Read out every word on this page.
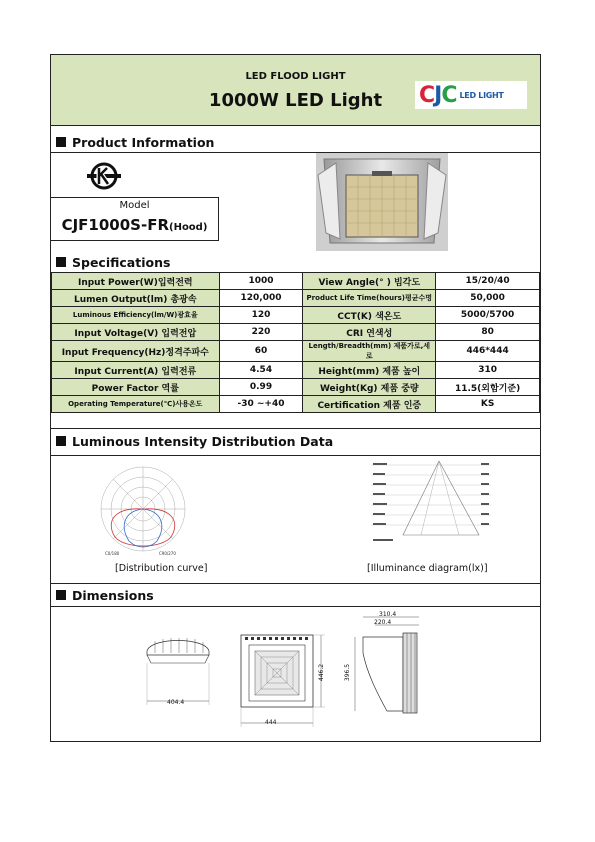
LED FLOOD LIGHT
1000W LED Light	C J C LED LIGHT
Product Information
Model
CJF1000S-FR(Hood)
Specifications
Input Power(W)입력전력	1000	View Angle(° ) 빔각도	15/20/40
Lumen Output(lm) 총광속	120,000	Product Life Time(hours)평균수명	50,000
Luminous Efficiency(lm/W)광효율	120	CCT(K) 색온도	5000/5700
Input Voltage(V) 입력전압	220	CRI 연색성	80
Input Frequency(Hz)정격주파수	60	Length/Breadth(mm) 제품가로,세로	446*444
Input Current(A) 입력전류	4.54	Height(mm) 제품 높이	310
Power Factor 역률	0.99	Weight(Kg) 제품 중량	11.5(외함기준)
Operating Temperature(℃)사용온도	-30 ~+40	Certification 제품 인증	KS
Luminous Intensity Distribution Data
C0/180	C90/270
[Distribution curve]	[Illuminance diagram(lx)]
Dimensions
404.4
444
446.2
310.4
220.4
396.5
